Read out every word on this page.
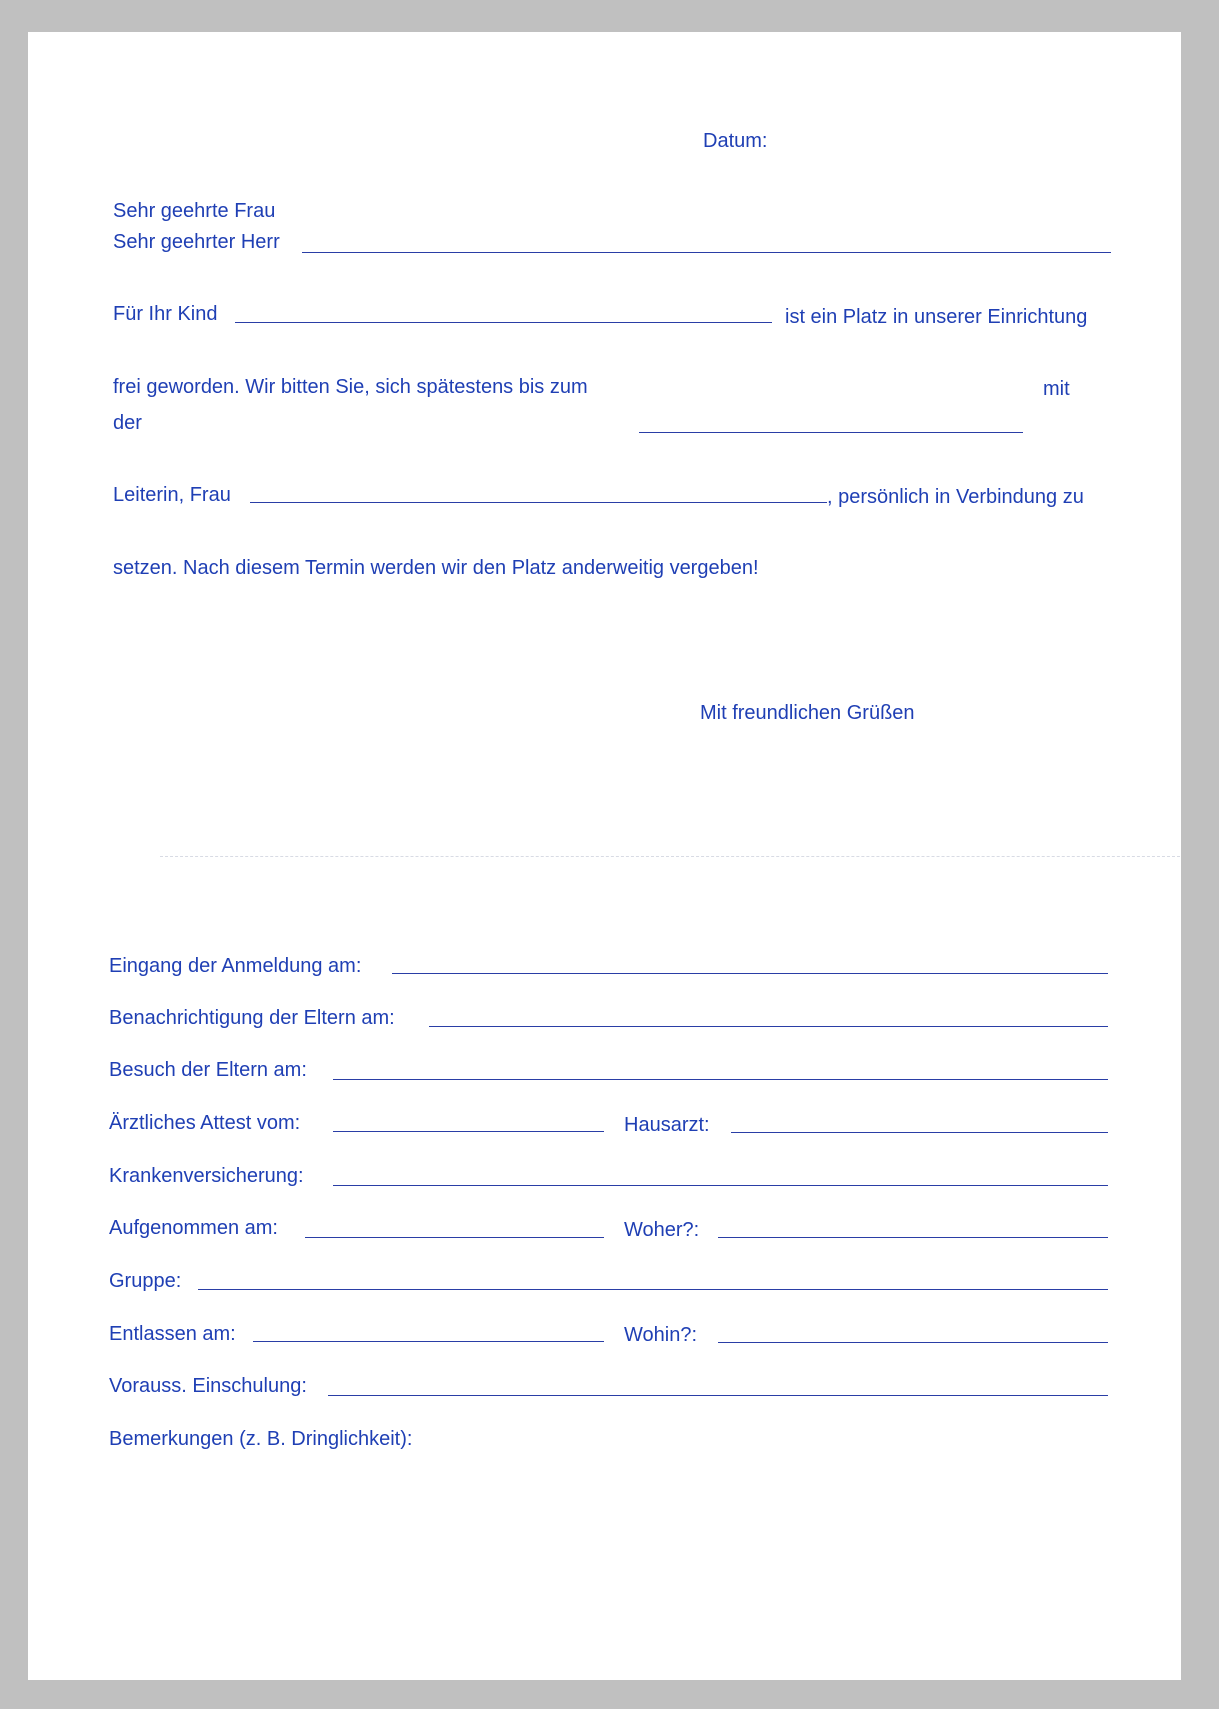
Datum:
Sehr geehrte Frau
Sehr geehrter Herr
Für Ihr Kind	ist ein Platz in unserer Einrichtung
frei geworden. Wir bitten Sie, sich spätestens bis zum	mit
der
Leiterin, Frau	, persönlich in Verbindung zu
setzen. Nach diesem Termin werden wir den Platz anderweitig vergeben!
Mit freundlichen Grüßen
Eingang der Anmeldung am:
Benachrichtigung der Eltern am:
Besuch der Eltern am:
Ärztliches Attest vom:	Hausarzt:
Krankenversicherung:
Aufgenommen am:	Woher?:
Gruppe:
Entlassen am:	Wohin?:
Vorauss. Einschulung:
Bemerkungen (z. B. Dringlichkeit):
